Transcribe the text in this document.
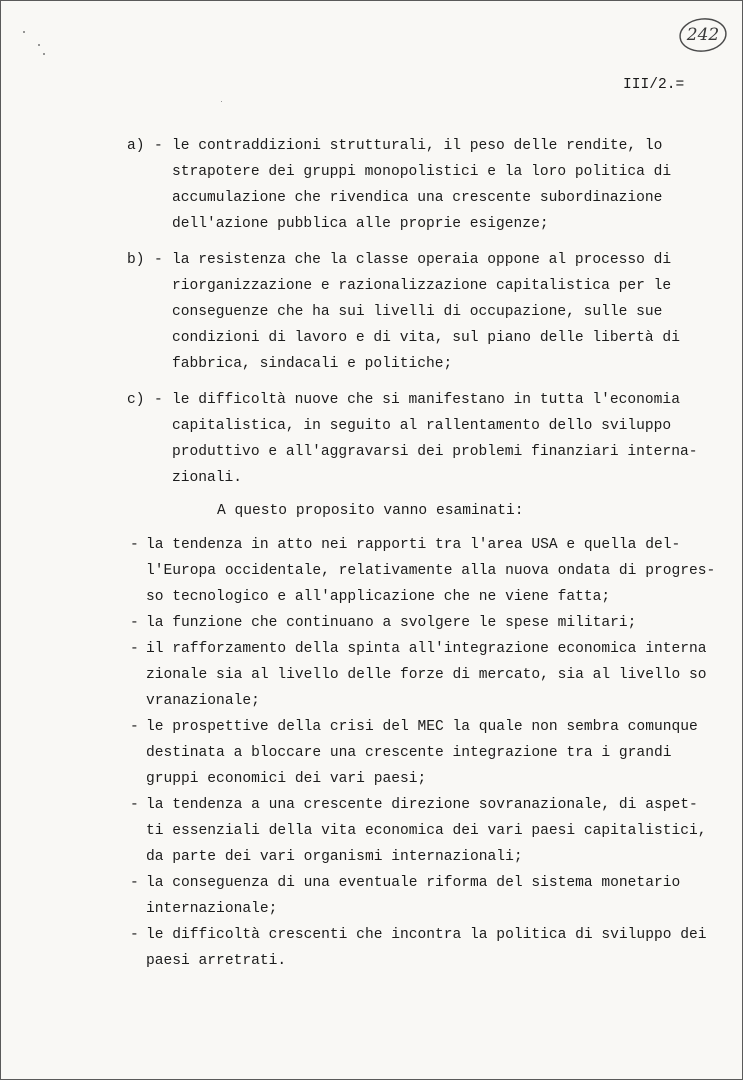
242
III/2.=
a) - le contraddizioni strutturali, il peso delle rendite, lo
strapotere dei gruppi monopolistici e la loro politica di
accumulazione che rivendica una crescente subordinazione
dell'azione pubblica alle proprie esigenze;
b) - la resistenza che la classe operaia oppone al processo di
riorganizzazione e razionalizzazione capitalistica per le
conseguenze che ha sui livelli di occupazione, sulle sue
condizioni di lavoro e di vita, sul piano delle libertà di
fabbrica, sindacali e politiche;
c) - le difficoltà nuove che si manifestano in tutta l'economia
capitalistica, in seguito al rallentamento dello sviluppo
produttivo e all'aggravarsi dei problemi finanziari interna-
zionali.
A questo proposito vanno esaminati:
- la tendenza in atto nei rapporti tra l'area USA e quella del-
l'Europa occidentale, relativamente alla nuova ondata di progres-
so tecnologico e all'applicazione che ne viene fatta;
- la funzione che continuano a svolgere le spese militari;
- il rafforzamento della spinta all'integrazione economica interna
zionale sia al livello delle forze di mercato, sia al livello so
vranazionale;
- le prospettive della crisi del MEC la quale non sembra comunque
destinata a bloccare una crescente integrazione tra i grandi
gruppi economici dei vari paesi;
- la tendenza a una crescente direzione sovranazionale, di aspet-
ti essenziali della vita economica dei vari paesi capitalistici,
da parte dei vari organismi internazionali;
- la conseguenza di una eventuale riforma del sistema monetario
internazionale;
- le difficoltà crescenti che incontra la politica di sviluppo dei
paesi arretrati.
